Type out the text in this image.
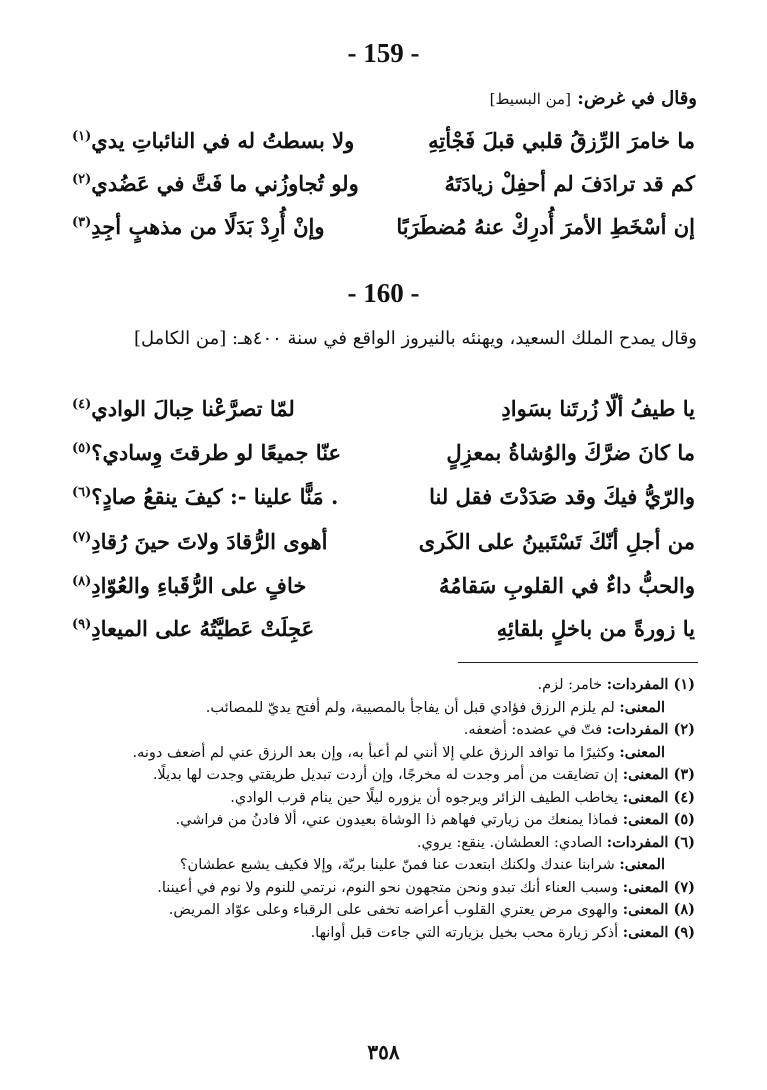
- 159 -
وقال في غرض: [من البسيط]
ما خامرَ الرِّزقُ قلبي قبلَ فَجْأتِهِ
ولا بسطتُ له في النائباتِ يدي$^{(١)}$
كم قد ترادَفَ لم أحفِلْ زيادَتَهُ
ولو تُجاوزُني ما فَتَّ في عَضُدي$^{(٢)}$
إن أسْخَطِ الأمرَ أُدرِكْ عنهُ مُضطَرَبًا
وإنْ أُرِدْ بَدَلًا من مذهبٍ أجِدِ$^{(٣)}$
- 160 -
وقال يمدح الملك السعيد، ويهنئه بالنيروز الواقع في سنة ٤٠٠هـ: [من الكامل]
يا طيفُ ألّا زُرتَنا بسَوادِ
لمّا تصرَّعْنا حِبالَ الوادي$^{(٤)}$
ما كانَ ضرَّكَ والوُشاةُ بمعزِلٍ
عنّا جميعًا لو طرقتَ وِسادي؟$^{(٥)}$
والرّيُّ فيكَ وقد صَدَدْتَ فقل لنا
. مَنًّا علينا -: كيفَ ينقعُ صادٍ؟$^{(٦)}$
من أجلِ أنّكَ تَسْتَبينُ على الكَرى
أهوى الرُّقادَ ولاتَ حينَ رُقادِ$^{(٧)}$
والحبُّ داءٌ في القلوبِ سَقامُهُ
خافٍ على الرُّقَباءِ والعُوّادِ$^{(٨)}$
يا زورةً من باخلٍ بلقائِهِ
عَجِلَتْ عَطيَّتُهُ على الميعادِ$^{(٩)}$
(١) المفردات: خامر: لزم.
المعنى: لم يلزم الرزق فؤادي قبل أن يفاجأ بالمصيبة، ولم أفتح يديّ للمصائب.
(٢) المفردات: فتّ في عضده: أضعفه.
المعنى: وكثيرًا ما توافد الرزق علي إلا أنني لم أعبأ به، وإن بعد الرزق عني لم أضعف دونه.
(٣) المعنى: إن تضايقت من أمر وجدت له مخرجًا، وإن أردت تبديل طريقتي وجدت لها بديلًا.
(٤) المعنى: يخاطب الطيف الزائر ويرجوه أن يزوره ليلًا حين ينام قرب الوادي.
(٥) المعنى: فماذا يمنعك من زيارتي فهاهم ذا الوشاة بعيدون عني، ألا فادنُ من فراشي.
(٦) المفردات: الصادي: العطشان. ينقع: يروي.
المعنى: شرابنا عندك ولكنك ابتعدت عنا فمنّ علينا بريّة، وإلا فكيف يشبع عطشان؟
(٧) المعنى: وسبب العناء أنك تبدو ونحن متجهون نحو النوم، نرتمي للنوم ولا نوم في أعيننا.
(٨) المعنى: والهوى مرض يعتري القلوب أعراضه تخفى على الرقباء وعلى عوّاد المريض.
(٩) المعنى: أذكر زيارة محب بخيل بزيارته التي جاءت قبل أوانها.
٣٥٨
